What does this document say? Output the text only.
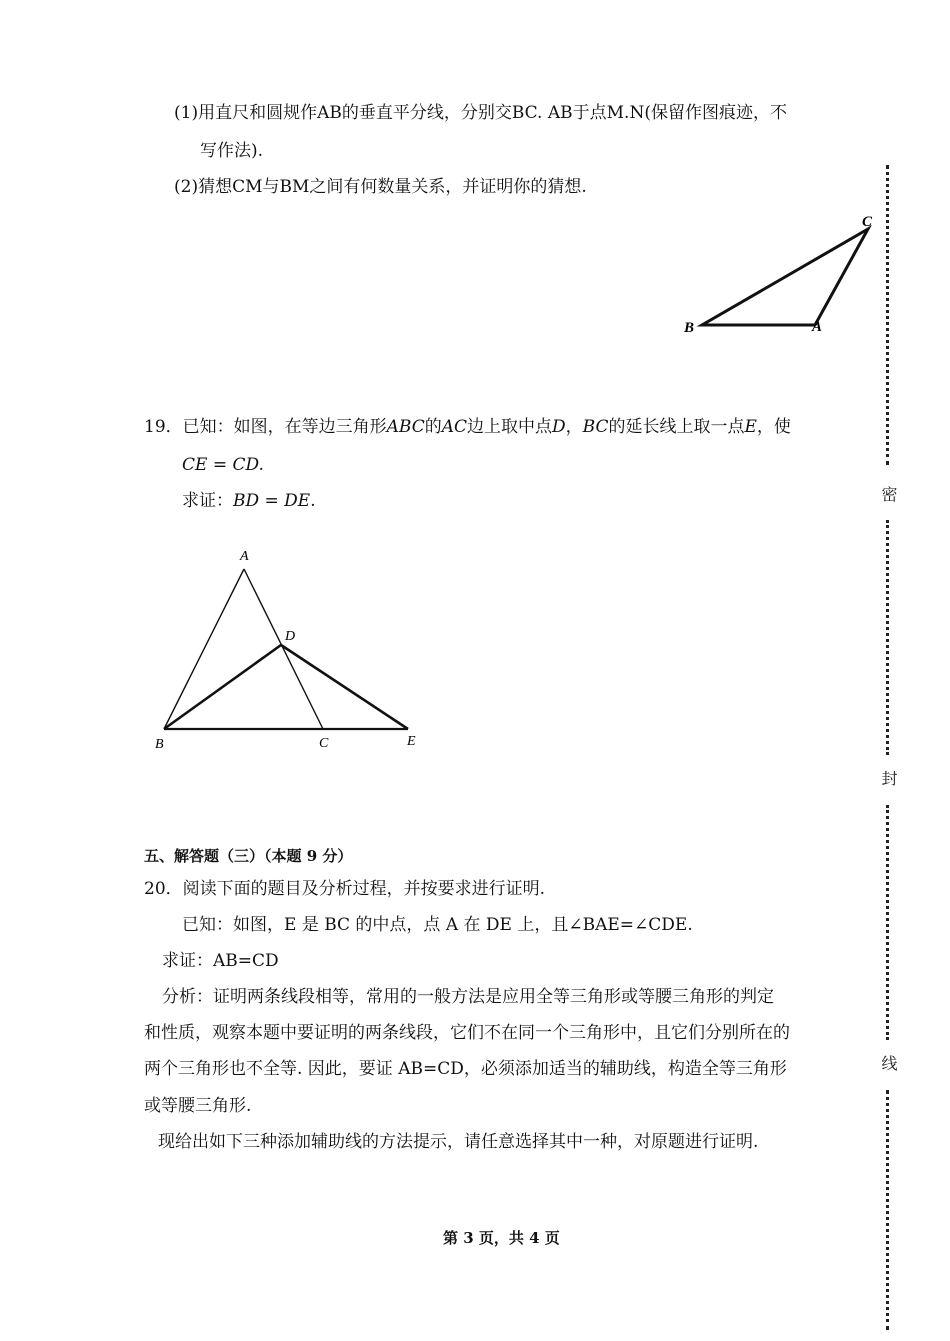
(1)用直尺和圆规作AB的垂直平分线，分别交BC. AB于点M.N(保留作图痕迹，不
写作法).
(2)猜想CM与BM之间有何数量关系，并证明你的猜想.
B	A
C
19．已知：如图，在等边三角形ABC的AC边上取中点D，BC的延长线上取一点E，使
CE = CD.
求证：BD = DE.
A
B	C
D
E
五、解答题（三）（本题 9 分）
20．阅读下面的题目及分析过程，并按要求进行证明.
已知：如图，E 是 BC 的中点，点 A 在 DE 上，且∠BAE=∠CDE.
求证：AB=CD
分析：证明两条线段相等，常用的一般方法是应用全等三角形或等腰三角形的判定
和性质，观察本题中要证明的两条线段，它们不在同一个三角形中，且它们分别所在的
两个三角形也不全等. 因此，要证 AB=CD，必须添加适当的辅助线，构造全等三角形
或等腰三角形.
现给出如下三种添加辅助线的方法提示，请任意选择其中一种，对原题进行证明.
第 3 页，共 4 页
密
封
线
